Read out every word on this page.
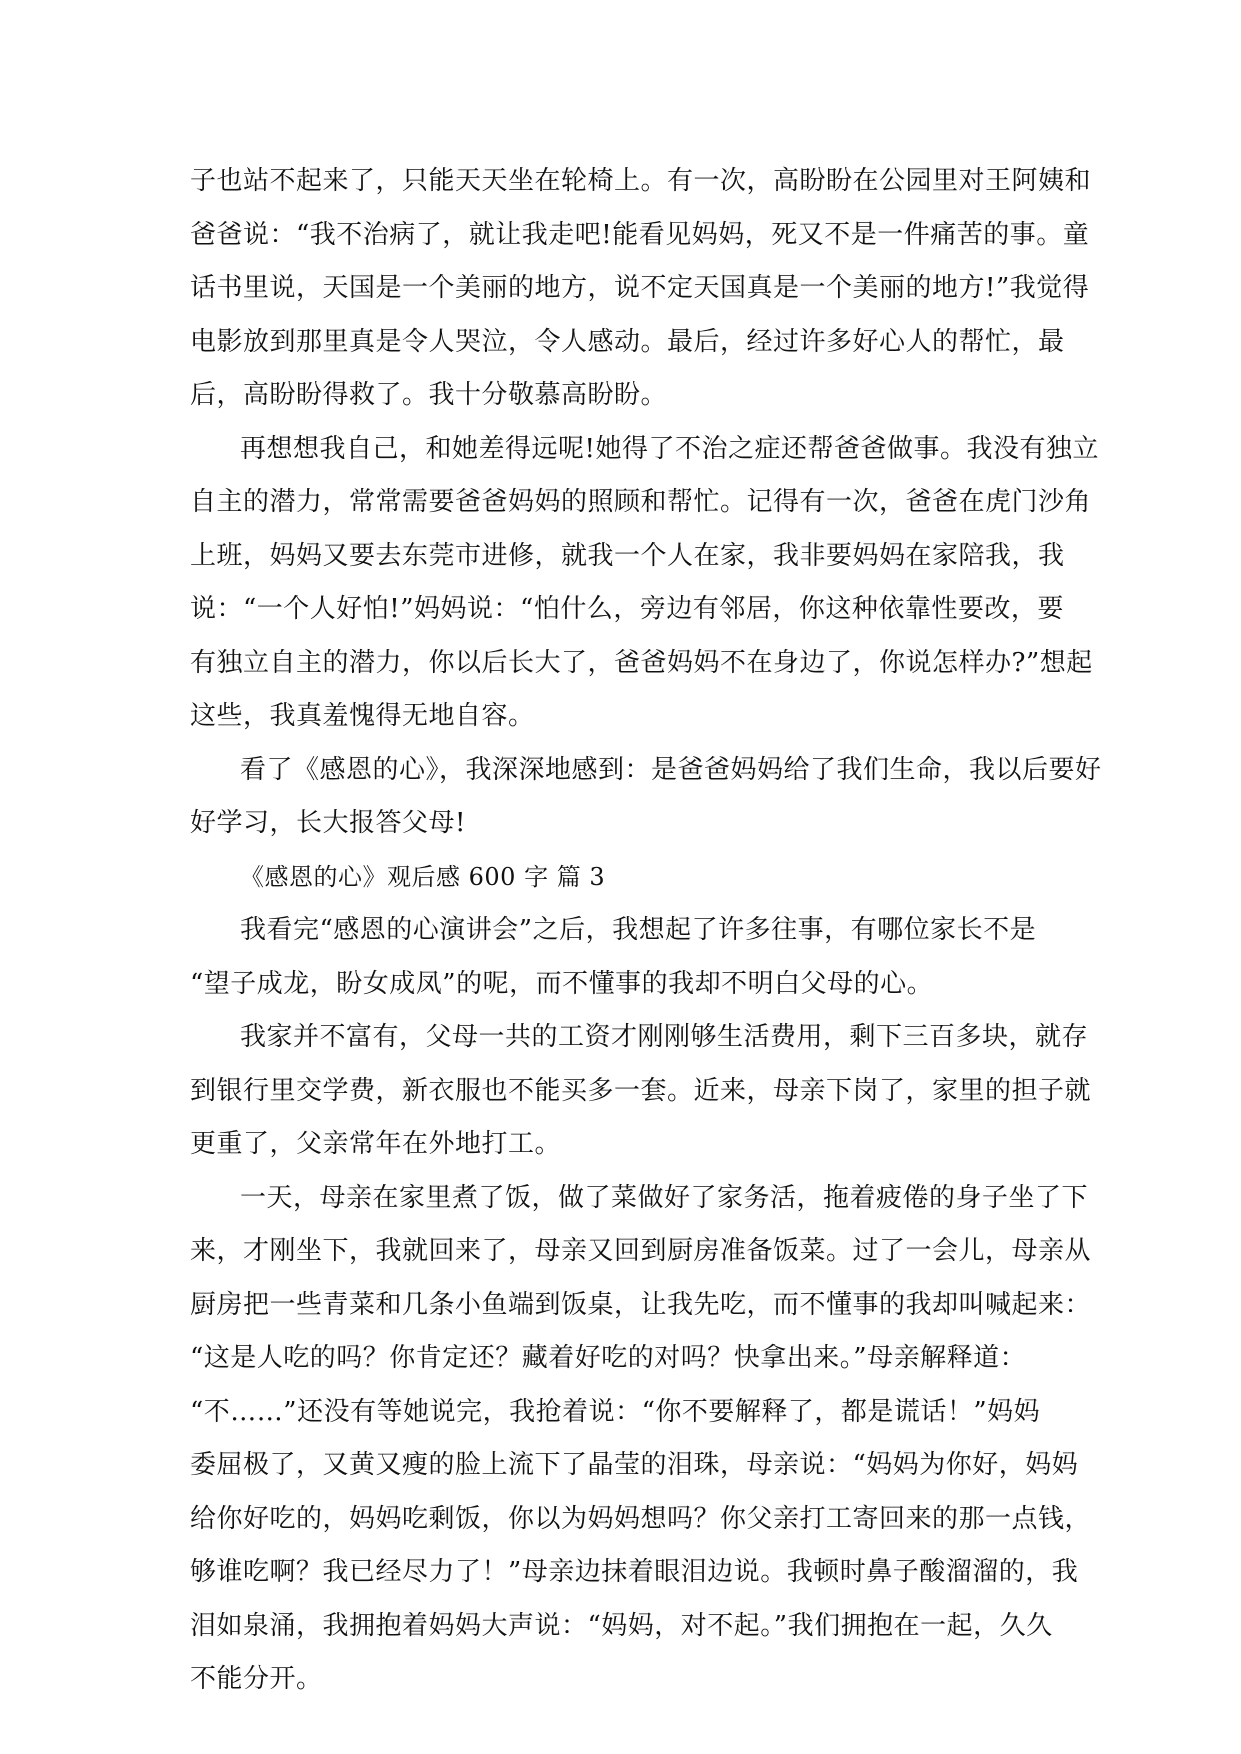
子也站不起来了，只能天天坐在轮椅上。有一次，高盼盼在公园里对王阿姨和
爸爸说：“我不治病了，就让我走吧!能看见妈妈，死又不是一件痛苦的事。童
话书里说，天国是一个美丽的地方，说不定天国真是一个美丽的地方!”我觉得
电影放到那里真是令人哭泣，令人感动。最后，经过许多好心人的帮忙，最
后，高盼盼得救了。我十分敬慕高盼盼。
再想想我自己，和她差得远呢!她得了不治之症还帮爸爸做事。我没有独立
自主的潜力，常常需要爸爸妈妈的照顾和帮忙。记得有一次，爸爸在虎门沙角
上班，妈妈又要去东莞市进修，就我一个人在家，我非要妈妈在家陪我，我
说：“一个人好怕!”妈妈说：“怕什么，旁边有邻居，你这种依靠性要改，要
有独立自主的潜力，你以后长大了，爸爸妈妈不在身边了，你说怎样办?”想起
这些，我真羞愧得无地自容。
看了《感恩的心》，我深深地感到：是爸爸妈妈给了我们生命，我以后要好
好学习，长大报答父母!
《感恩的心》观后感 600 字 篇 3
我看完“感恩的心演讲会”之后，我想起了许多往事，有哪位家长不是
“望子成龙，盼女成凤”的呢，而不懂事的我却不明白父母的心。
我家并不富有，父母一共的工资才刚刚够生活费用，剩下三百多块，就存
到银行里交学费，新衣服也不能买多一套。近来，母亲下岗了，家里的担子就
更重了，父亲常年在外地打工。
一天，母亲在家里煮了饭，做了菜做好了家务活，拖着疲倦的身子坐了下
来，才刚坐下，我就回来了，母亲又回到厨房准备饭菜。过了一会儿，母亲从
厨房把一些青菜和几条小鱼端到饭桌，让我先吃，而不懂事的我却叫喊起来：
“这是人吃的吗？你肯定还？藏着好吃的对吗？快拿出来。”母亲解释道：
“不……”还没有等她说完，我抢着说：“你不要解释了，都是谎话！”妈妈
委屈极了，又黄又瘦的脸上流下了晶莹的泪珠，母亲说：“妈妈为你好，妈妈
给你好吃的，妈妈吃剩饭，你以为妈妈想吗？你父亲打工寄回来的那一点钱，
够谁吃啊？我已经尽力了！”母亲边抹着眼泪边说。我顿时鼻子酸溜溜的，我
泪如泉涌，我拥抱着妈妈大声说：“妈妈，对不起。”我们拥抱在一起，久久
不能分开。
